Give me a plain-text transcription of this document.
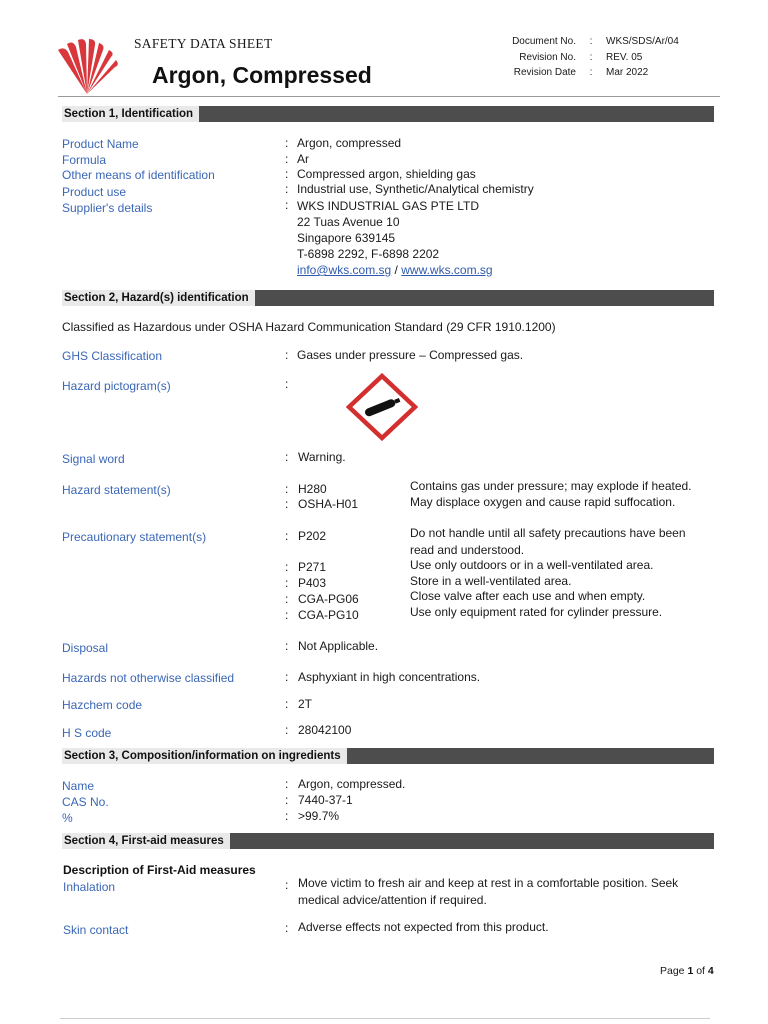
SAFETY DATA SHEET
Argon, Compressed
Document No.	:	WKS/SDS/Ar/04
Revision No.	:	REV. 05
Revision Date	:	Mar 2022
Section 1, Identification
Product Name	: Argon, compressed
Formula	: Ar
Other means of identification	: Compressed argon, shielding gas
Product use	: Industrial use, Synthetic/Analytical chemistry
Supplier's details	: WKS INDUSTRIAL GAS PTE LTD
22 Tuas Avenue 10
Singapore 639145
T-6898 2292, F-6898 2202
info@wks.com.sg / www.wks.com.sg
Section 2, Hazard(s) identification
Classified as Hazardous under OSHA Hazard Communication Standard (29 CFR 1910.1200)
GHS Classification	: Gases under pressure – Compressed gas.
Hazard pictogram(s)	:
Signal word	: Warning.
Hazard statement(s)	: H280	Contains gas under pressure; may explode if heated.
: OSHA-H01	May displace oxygen and cause rapid suffocation.
Precautionary statement(s)	: P202	Do not handle until all safety precautions have been
read and understood.
: P271	Use only outdoors or in a well-ventilated area.
: P403	Store in a well-ventilated area.
: CGA-PG06	Close valve after each use and when empty.
: CGA-PG10	Use only equipment rated for cylinder pressure.
Disposal	: Not Applicable.
Hazards not otherwise classified	: Asphyxiant in high concentrations.
Hazchem code	: 2T
H S code	: 28042100
Section 3, Composition/information on ingredients
Name	: Argon, compressed.
CAS No.	: 7440-37-1
%	: >99.7%
Section 4, First-aid measures
Description of First-Aid measures
Inhalation	: Move victim to fresh air and keep at rest in a comfortable position. Seek
medical advice/attention if required.
Skin contact	: Adverse effects not expected from this product.
Page 1 of 4
